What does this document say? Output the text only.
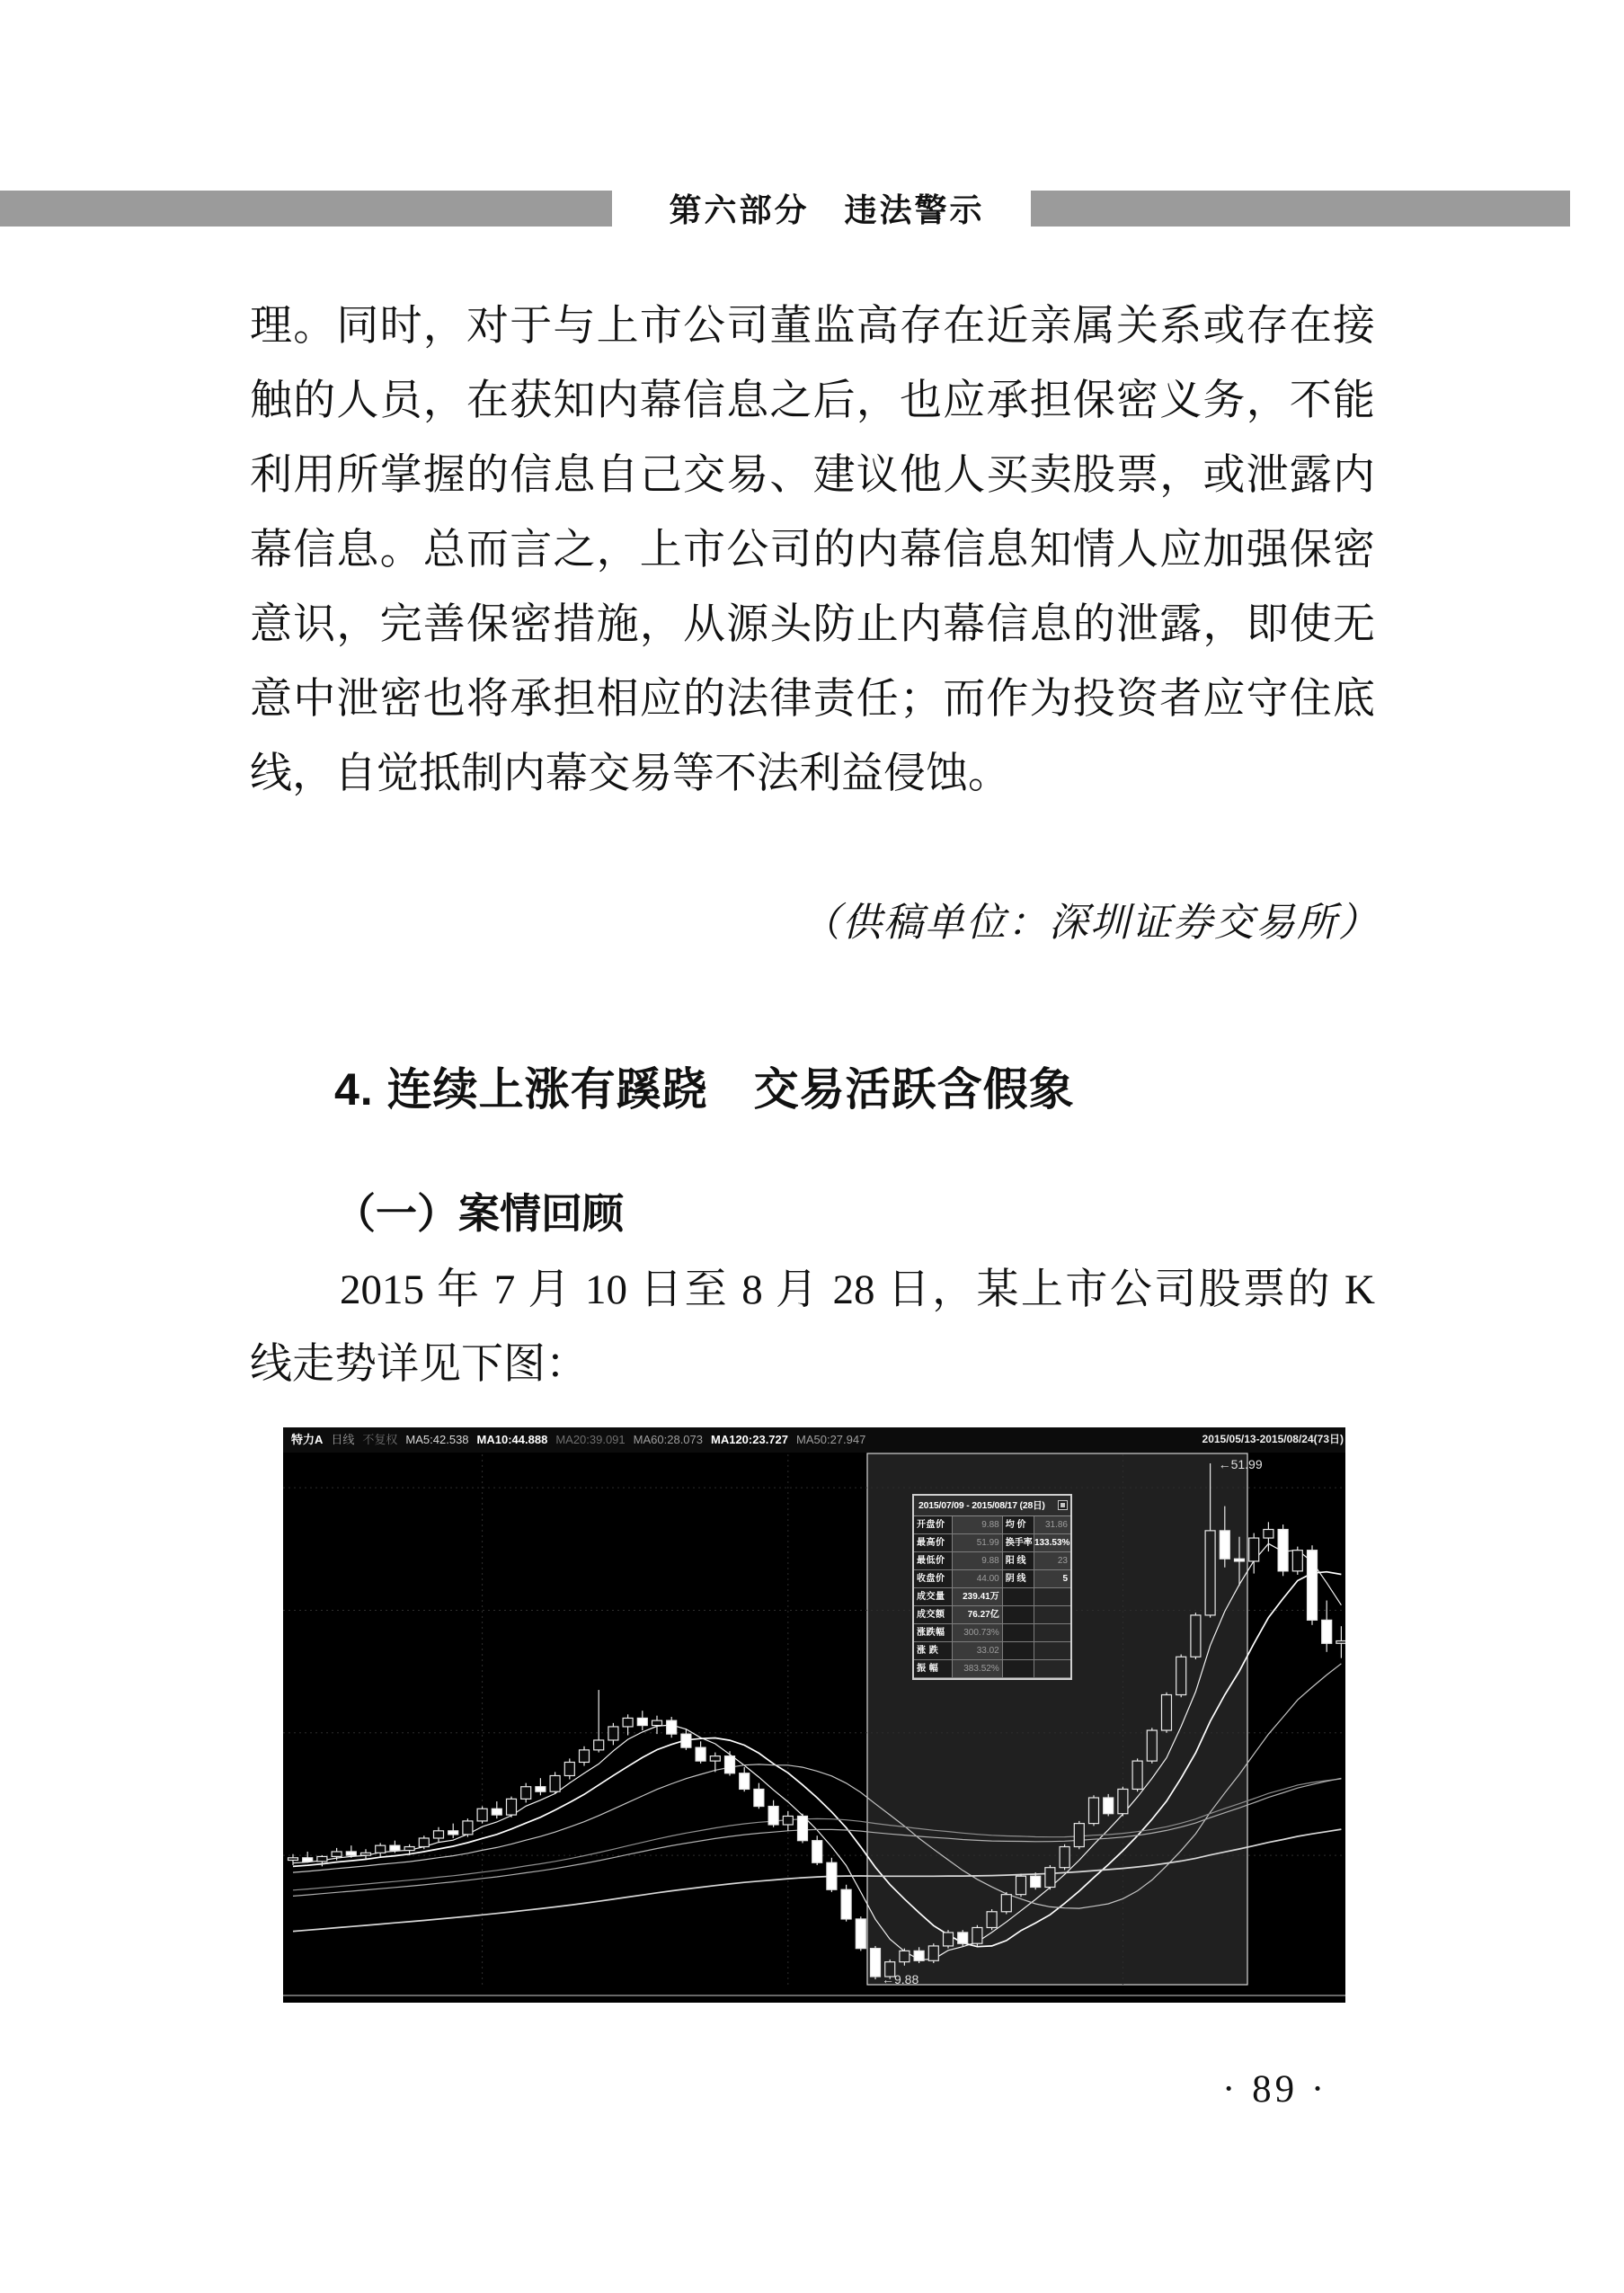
第六部分　违法警示
理。同时，对于与上市公司董监高存在近亲属关系或存在接
触的人员，在获知内幕信息之后，也应承担保密义务，不能
利用所掌握的信息自己交易、建议他人买卖股票，或泄露内
幕信息。总而言之，上市公司的内幕信息知情人应加强保密
意识，完善保密措施，从源头防止内幕信息的泄露，即使无
意中泄密也将承担相应的法律责任；而作为投资者应守住底
线，自觉抵制内幕交易等不法利益侵蚀。
（供稿单位：深圳证券交易所）
4. 连续上涨有蹊跷　交易活跃含假象
（一）案情回顾
2015 年 7 月 10 日至 8 月 28 日，某上市公司股票的 K
线走势详见下图：
特力A 日线 不复权 MA5:42.538 MA10:44.888 MA20:39.091 MA60:28.073 MA120:23.727 MA50:27.947	2015/05/13-2015/08/24(73日)
←51.99
←9.88
2015/07/09 - 2015/08/17 (28日)
开盘价	9.88 均 价	31.86
最高价	51.99 换手率 133.53%
最低价	9.88 阳 线	23
收盘价	44.00 阴 线	5
成交量	239.41万
成交额	76.27亿
涨跌幅	300.73%
涨 跌	33.02
振 幅	383.52%
· 89 ·
